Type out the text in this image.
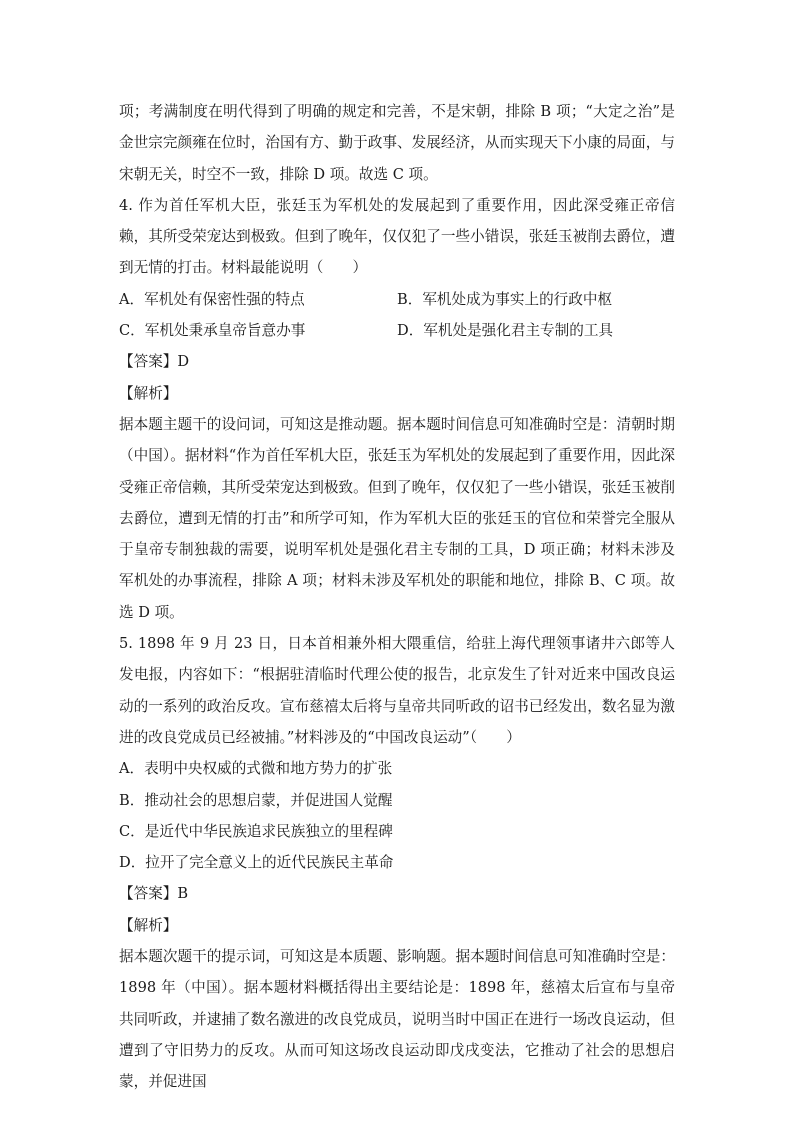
项；考满制度在明代得到了明确的规定和完善，不是宋朝，排除 B 项；“大定之治”是金世宗完颜雍在位时，治国有方、勤于政事、发展经济，从而实现天下小康的局面，与宋朝无关，时空不一致，排除 D 项。故选 C 项。

4. 作为首任军机大臣，张廷玉为军机处的发展起到了重要作用，因此深受雍正帝信赖，其所受荣宠达到极致。但到了晚年，仅仅犯了一些小错误，张廷玉被削去爵位，遭到无情的打击。材料最能说明（　　）

A．军机处有保密性强的特点	B．军机处成为事实上的行政中枢
C．军机处秉承皇帝旨意办事	D．军机处是强化君主专制的工具

【答案】D

【解析】

据本题主题干的设问词，可知这是推动题。据本题时间信息可知准确时空是：清朝时期（中国）。据材料“作为首任军机大臣，张廷玉为军机处的发展起到了重要作用，因此深受雍正帝信赖，其所受荣宠达到极致。但到了晚年，仅仅犯了一些小错误，张廷玉被削去爵位，遭到无情的打击”和所学可知，作为军机大臣的张廷玉的官位和荣誉完全服从于皇帝专制独裁的需要，说明军机处是强化君主专制的工具，D 项正确；材料未涉及军机处的办事流程，排除 A 项；材料未涉及军机处的职能和地位，排除 B、C 项。故选 D 项。

5. 1898 年 9 月 23 日，日本首相兼外相大隈重信，给驻上海代理领事诸井六郎等人发电报，内容如下：“根据驻清临时代理公使的报告，北京发生了针对近来中国改良运动的一系列的政治反攻。宣布慈禧太后将与皇帝共同听政的诏书已经发出，数名显为激进的改良党成员已经被捕。”材料涉及的“中国改良运动”（　　）

A．表明中央权威的式微和地方势力的扩张

B．推动社会的思想启蒙，并促进国人觉醒

C．是近代中华民族追求民族独立的里程碑

D．拉开了完全意义上的近代民族民主革命

【答案】B

【解析】

据本题次题干的提示词，可知这是本质题、影响题。据本题时间信息可知准确时空是：1898 年（中国）。据本题材料概括得出主要结论是：1898 年，慈禧太后宣布与皇帝共同听政，并逮捕了数名激进的改良党成员，说明当时中国正在进行一场改良运动，但遭到了守旧势力的反攻。从而可知这场改良运动即戊戌变法，它推动了社会的思想启蒙，并促进国
